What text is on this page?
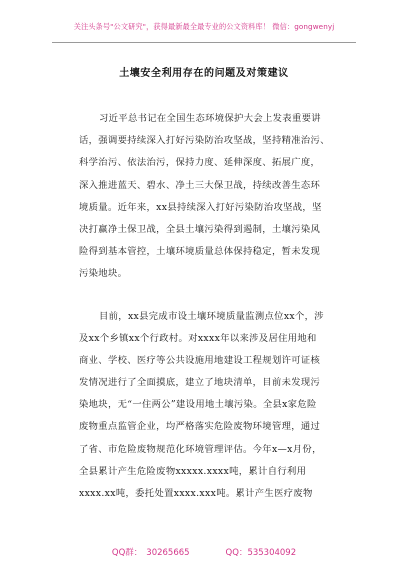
关注头条号"公文研究"，获得最新最全最专业的公文资料库！ 微信：gongwenyj
土壤安全利用存在的问题及对策建议
习近平总书记在全国生态环境保护大会上发表重要讲
话，强调要持续深入打好污染防治攻坚战，坚持精准治污、
科学治污、依法治污，保持力度、延伸深度、拓展广度，
深入推进蓝天、碧水、净土三大保卫战，持续改善生态环
境质量。近年来，xx县持续深入打好污染防治攻坚战，坚
决打赢净土保卫战，全县土壤污染得到遏制，土壤污染风
险得到基本管控，土壤环境质量总体保持稳定，暂未发现
污染地块。
目前，xx县完成市设土壤环境质量监测点位xx个，涉
及xx个乡镇xx个行政村。对xxxx年以来涉及居住用地和
商业、学校、医疗等公共设施用地建设工程规划许可证核
发情况进行了全面摸底，建立了地块清单，目前未发现污
染地块，无“一住两公”建设用地土壤污染。全县x家危险
废物重点监管企业，均严格落实危险废物环境管理，通过
了省、市危险废物规范化环境管理评估。今年x—x月份，
全县累计产生危险废物xxxxx.xxxx吨，累计自行利用
xxxx.xx吨，委托处置xxxx.xxx吨。累计产生医疗废物
QQ群： 30265665	QQ：535304092
